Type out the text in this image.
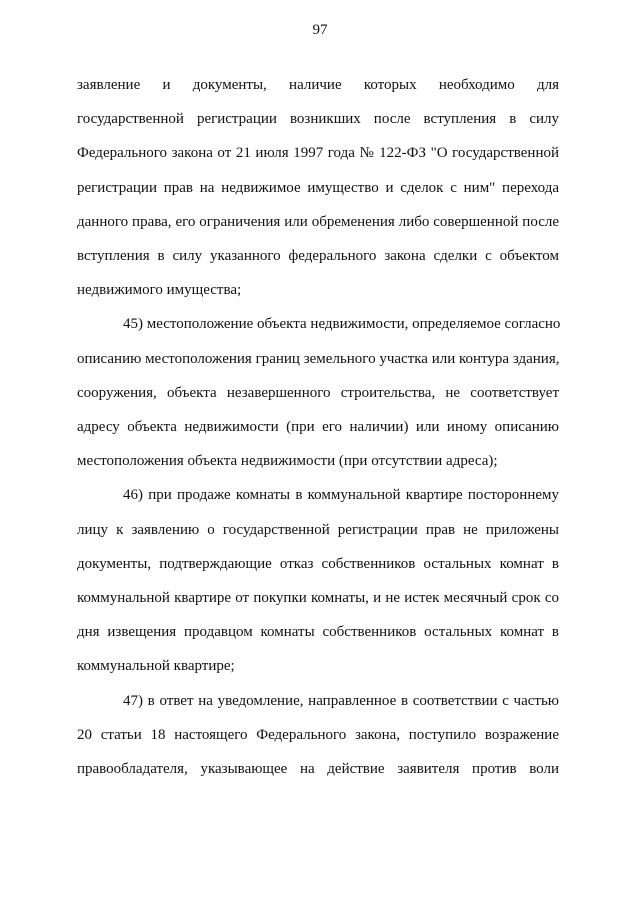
97

заявление и документы, наличие которых необходимо для
государственной регистрации возникших после вступления в силу
Федерального закона от 21 июля 1997 года № 122-ФЗ "О государственной
регистрации прав на недвижимое имущество и сделок с ним" перехода
данного права, его ограничения или обременения либо совершенной после
вступления в силу указанного федерального закона сделки с объектом
недвижимого имущества;

45) местоположение объекта недвижимости, определяемое согласно
описанию местоположения границ земельного участка или контура здания,
сооружения, объекта незавершенного строительства, не соответствует
адресу объекта недвижимости (при его наличии) или иному описанию
местоположения объекта недвижимости (при отсутствии адреса);

46) при продаже комнаты в коммунальной квартире постороннему
лицу к заявлению о государственной регистрации прав не приложены
документы, подтверждающие отказ собственников остальных комнат в
коммунальной квартире от покупки комнаты, и не истек месячный срок со
дня извещения продавцом комнаты собственников остальных комнат в
коммунальной квартире;

47) в ответ на уведомление, направленное в соответствии с частью
20 статьи 18 настоящего Федерального закона, поступило возражение
правообладателя, указывающее на действие заявителя против воли
